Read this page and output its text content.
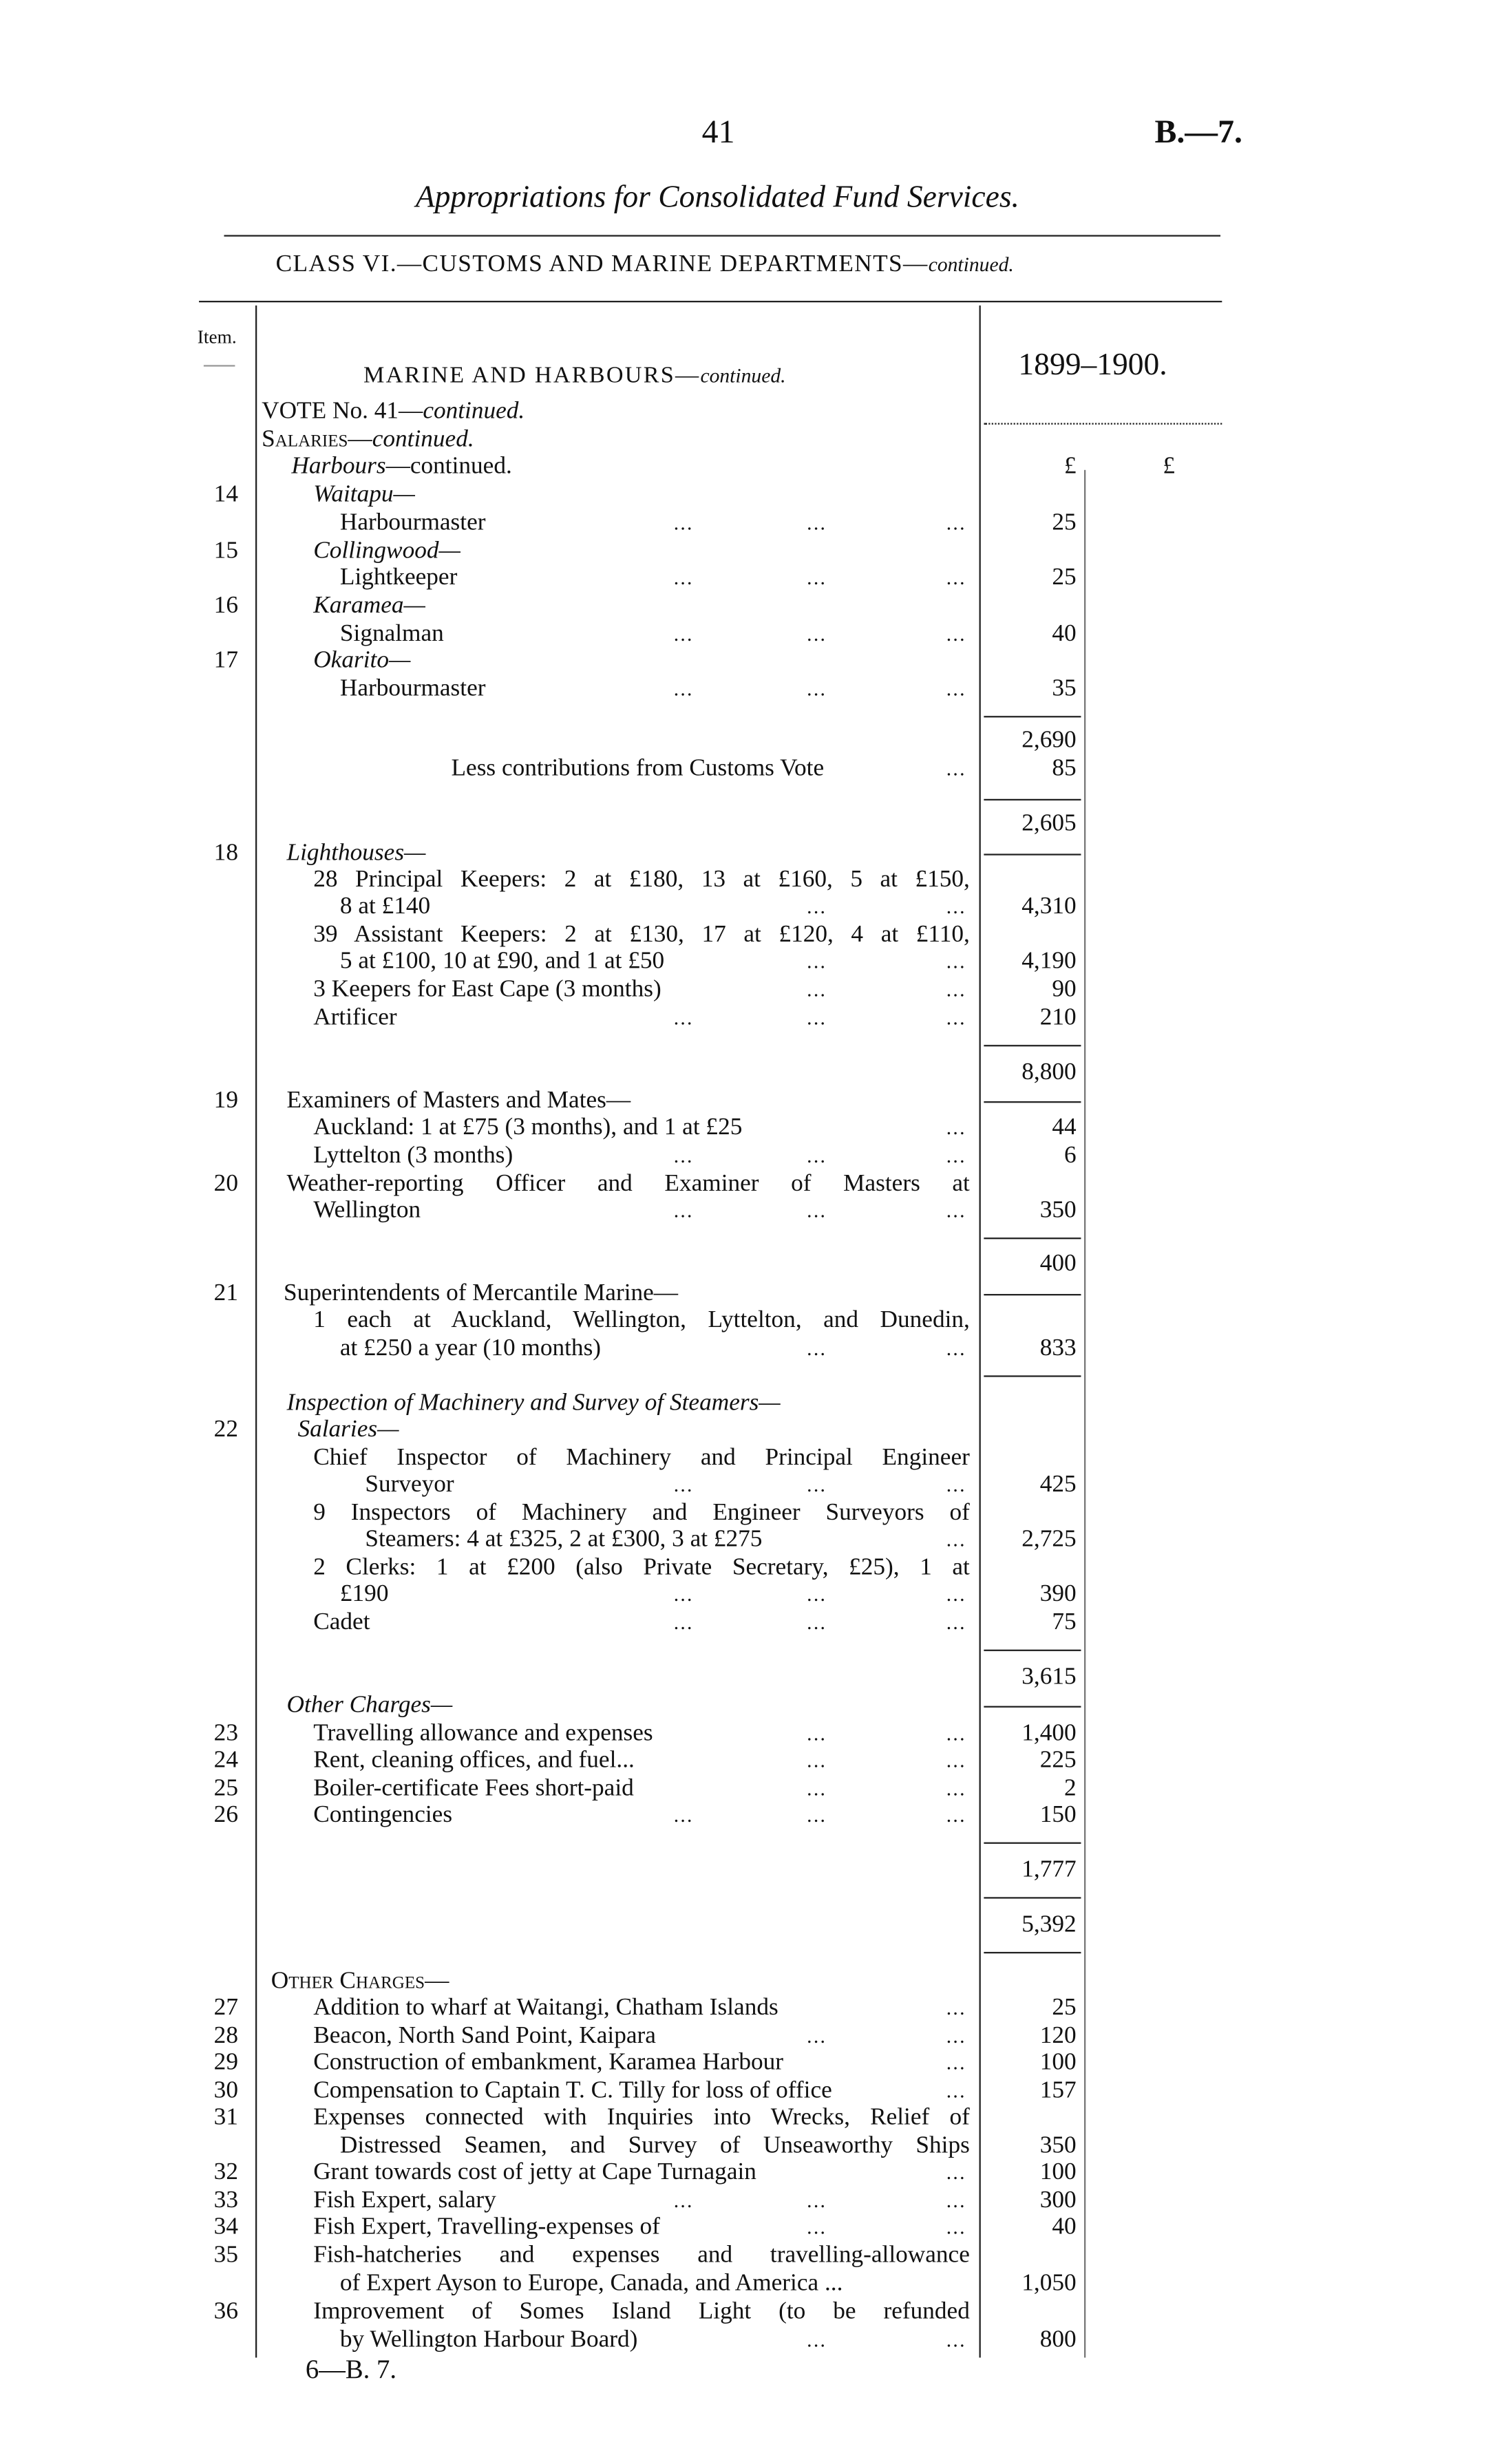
41	B.—7.
Appropriations for Consolidated Fund Services.
CLASS VI.—CUSTOMS AND MARINE DEPARTMENTS—continued.
Item.
MARINE AND HARBOURS—continued.	1899–1900.
VOTE No. 41—continued.
Salaries—continued.
Harbours—continued.	£	£
14	Waitapu—
Harbourmaster	...	...	...	25
15	Collingwood—
Lightkeeper	...	...	...	25
16	Karamea—
Signalman	...	...	...	40
17	Okarito—
Harbourmaster	...	...	...	35
2,690
Less contributions from Customs Vote	...	85
2,605
18	Lighthouses—
28 Principal Keepers: 2 at £180, 13 at £160, 5 at £150,
8 at £140	...	...	4,310
39 Assistant Keepers: 2 at £130, 17 at £120, 4 at £110,
5 at £100, 10 at £90, and 1 at £50	...	...	4,190
3 Keepers for East Cape (3 months)	...	...	90
Artificer	...	...	...	210
8,800
19	Examiners of Masters and Mates—
Auckland: 1 at £75 (3 months), and 1 at £25	...	44
Lyttelton (3 months)	...	...	...	6
20	Weather-reporting Officer and Examiner of Masters at
Wellington	...	...	...	350
400
21	Superintendents of Mercantile Marine—
1 each at Auckland, Wellington, Lyttelton, and Dunedin,
at £250 a year (10 months)	...	...	833
Inspection of Machinery and Survey of Steamers—
22	Salaries—
Chief Inspector of Machinery and Principal Engineer
Surveyor	...	...	...	425
9 Inspectors of Machinery and Engineer Surveyors of
Steamers: 4 at £325, 2 at £300, 3 at £275	...	2,725
2 Clerks: 1 at £200 (also Private Secretary, £25), 1 at
£190	...	...	...	390
Cadet	...	...	...	75
3,615
Other Charges—
23	Travelling allowance and expenses	...	...	1,400
24	Rent, cleaning offices, and fuel...	...	...	225
25	Boiler-certificate Fees short-paid	...	...	2
26	Contingencies	...	...	...	150
1,777
5,392
Other Charges—
27	Addition to wharf at Waitangi, Chatham Islands	...	25
28	Beacon, North Sand Point, Kaipara	...	...	120
29	Construction of embankment, Karamea Harbour	...	100
30	Compensation to Captain T. C. Tilly for loss of office	...	157
31	Expenses connected with Inquiries into Wrecks, Relief of
Distressed Seamen, and Survey of Unseaworthy Ships	350
32	Grant towards cost of jetty at Cape Turnagain	...	100
33	Fish Expert, salary	...	...	...	300
34	Fish Expert, Travelling-expenses of	...	...	40
35	Fish-hatcheries and expenses and travelling-allowance
of Expert Ayson to Europe, Canada, and America ...	1,050
36	Improvement of Somes Island Light (to be refunded
by Wellington Harbour Board)	...	...	800
6—B. 7.
